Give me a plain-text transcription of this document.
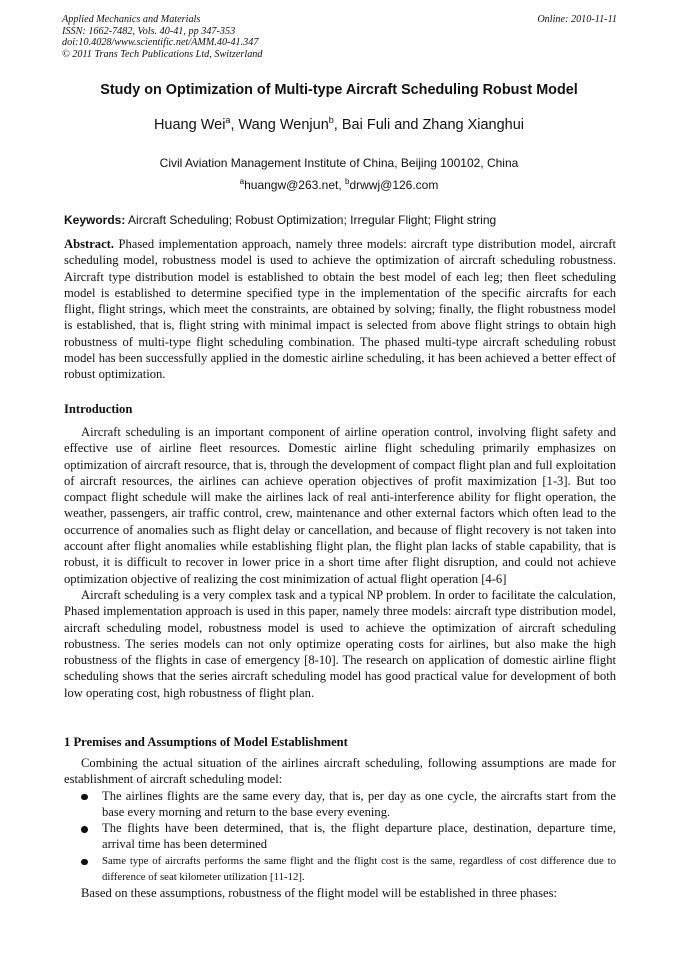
Applied Mechanics and Materials	Online: 2010-11-11
ISSN: 1662-7482, Vols. 40-41, pp 347-353
doi:10.4028/www.scientific.net/AMM.40-41.347
© 2011 Trans Tech Publications Ltd, Switzerland
Study on Optimization of Multi-type Aircraft Scheduling Robust Model
Huang Wei$^a$, Wang Wenjun$^b$, Bai Fuli and Zhang Xianghui
Civil Aviation Management Institute of China, Beijing 100102, China
$^a$huangw@263.net, $^b$drwwj@126.com
Keywords: Aircraft Scheduling; Robust Optimization; Irregular Flight; Flight string
Abstract. Phased implementation approach, namely three models: aircraft type distribution model, aircraft scheduling model, robustness model is used to achieve the optimization of aircraft scheduling robustness. Aircraft type distribution model is established to obtain the best model of each leg; then fleet scheduling model is established to determine specified type in the implementation of the specific aircrafts for each flight, flight strings, which meet the constraints, are obtained by solving; finally, the flight robustness model is established, that is, flight string with minimal impact is selected from above flight strings to obtain high robustness of multi-type flight scheduling combination. The phased multi-type aircraft scheduling robust model has been successfully applied in the domestic airline scheduling, it has been achieved a better effect of robust optimization.
Introduction

Aircraft scheduling is an important component of airline operation control, involving flight safety and effective use of airline fleet resources. Domestic airline flight scheduling primarily emphasizes on optimization of aircraft resource, that is, through the development of compact flight plan and full exploitation of aircraft resources, the airlines can achieve operation objectives of profit maximization [1-3]. But too compact flight schedule will make the airlines lack of real anti-interference ability for flight operation, the weather, passengers, air traffic control, crew, maintenance and other external factors which often lead to the occurrence of anomalies such as flight delay or cancellation, and because of flight recovery is not taken into account after flight anomalies while establishing flight plan, the flight plan lacks of stable capability, that is robust, it is difficult to recover in lower price in a short time after flight disruption, and could not achieve optimization objective of realizing the cost minimization of actual flight operation [4-6]

Aircraft scheduling is a very complex task and a typical NP problem. In order to facilitate the calculation, Phased implementation approach is used in this paper, namely three models: aircraft type distribution model, aircraft scheduling model, robustness model is used to achieve the optimization of aircraft scheduling robustness. The series models can not only optimize operating costs for airlines, but also make the high robustness of the flights in case of emergency [8-10]. The research on application of domestic airline flight scheduling shows that the series aircraft scheduling model has good practical value for development of both low operating cost, high robustness of flight plan.

1 Premises and Assumptions of Model Establishment

Combining the actual situation of the airlines aircraft scheduling, following assumptions are made for establishment of aircraft scheduling model:

The airlines flights are the same every day, that is, per day as one cycle, the aircrafts start from the base every morning and return to the base every evening.
The flights have been determined, that is, the flight departure place, destination, departure time, arrival time has been determined
Same type of aircrafts performs the same flight and the flight cost is the same, regardless of cost difference due to difference of seat kilometer utilization [11-12].
Based on these assumptions, robustness of the flight model will be established in three phases:
